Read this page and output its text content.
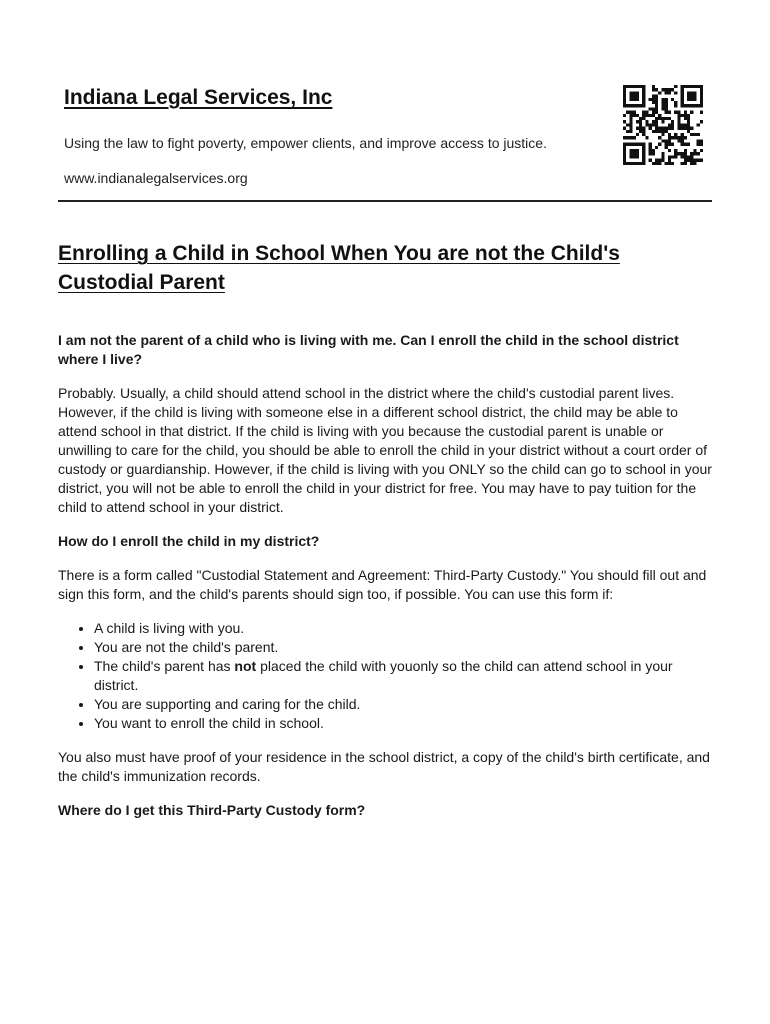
Indiana Legal Services, Inc

Using the law to fight poverty, empower clients, and improve access to justice.

www.indianalegalservices.org

Enrolling a Child in School When You are not the Child's Custodial Parent

I am not the parent of a child who is living with me. Can I enroll the child in the school district where I live?

Probably. Usually, a child should attend school in the district where the child's custodial parent lives. However, if the child is living with someone else in a different school district, the child may be able to attend school in that district. If the child is living with you because the custodial parent is unable or unwilling to care for the child, you should be able to enroll the child in your district without a court order of custody or guardianship. However, if the child is living with you ONLY so the child can go to school in your district, you will not be able to enroll the child in your district for free. You may have to pay tuition for the child to attend school in your district.

How do I enroll the child in my district?

There is a form called "Custodial Statement and Agreement: Third-Party Custody." You should fill out and sign this form, and the child's parents should sign too, if possible. You can use this form if:

• A child is living with you.
• You are not the child's parent.
• The child's parent has not placed the child with youonly so the child can attend school in your district.
• You are supporting and caring for the child.
• You want to enroll the child in school.

You also must have proof of your residence in the school district, a copy of the child's birth certificate, and the child's immunization records.

Where do I get this Third-Party Custody form?
